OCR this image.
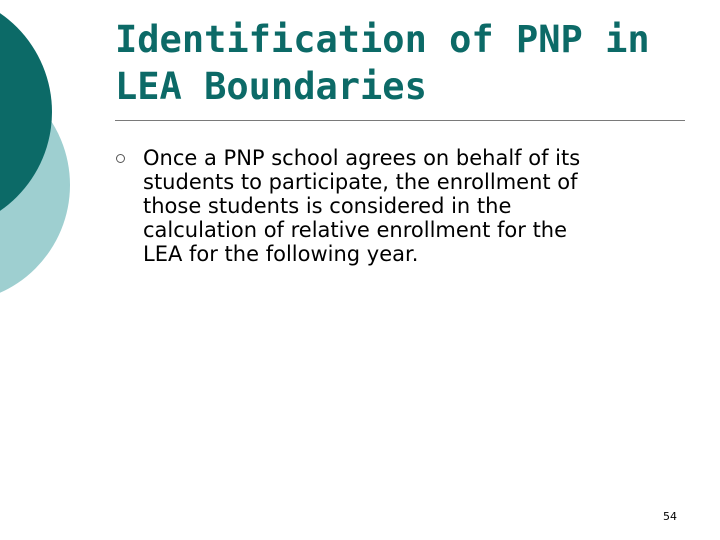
Identification of PNP in
LEA Boundaries

Once a PNP school agrees on behalf of its
students to participate, the enrollment of
those students is considered in the
calculation of relative enrollment for the
LEA for the following year.

54
